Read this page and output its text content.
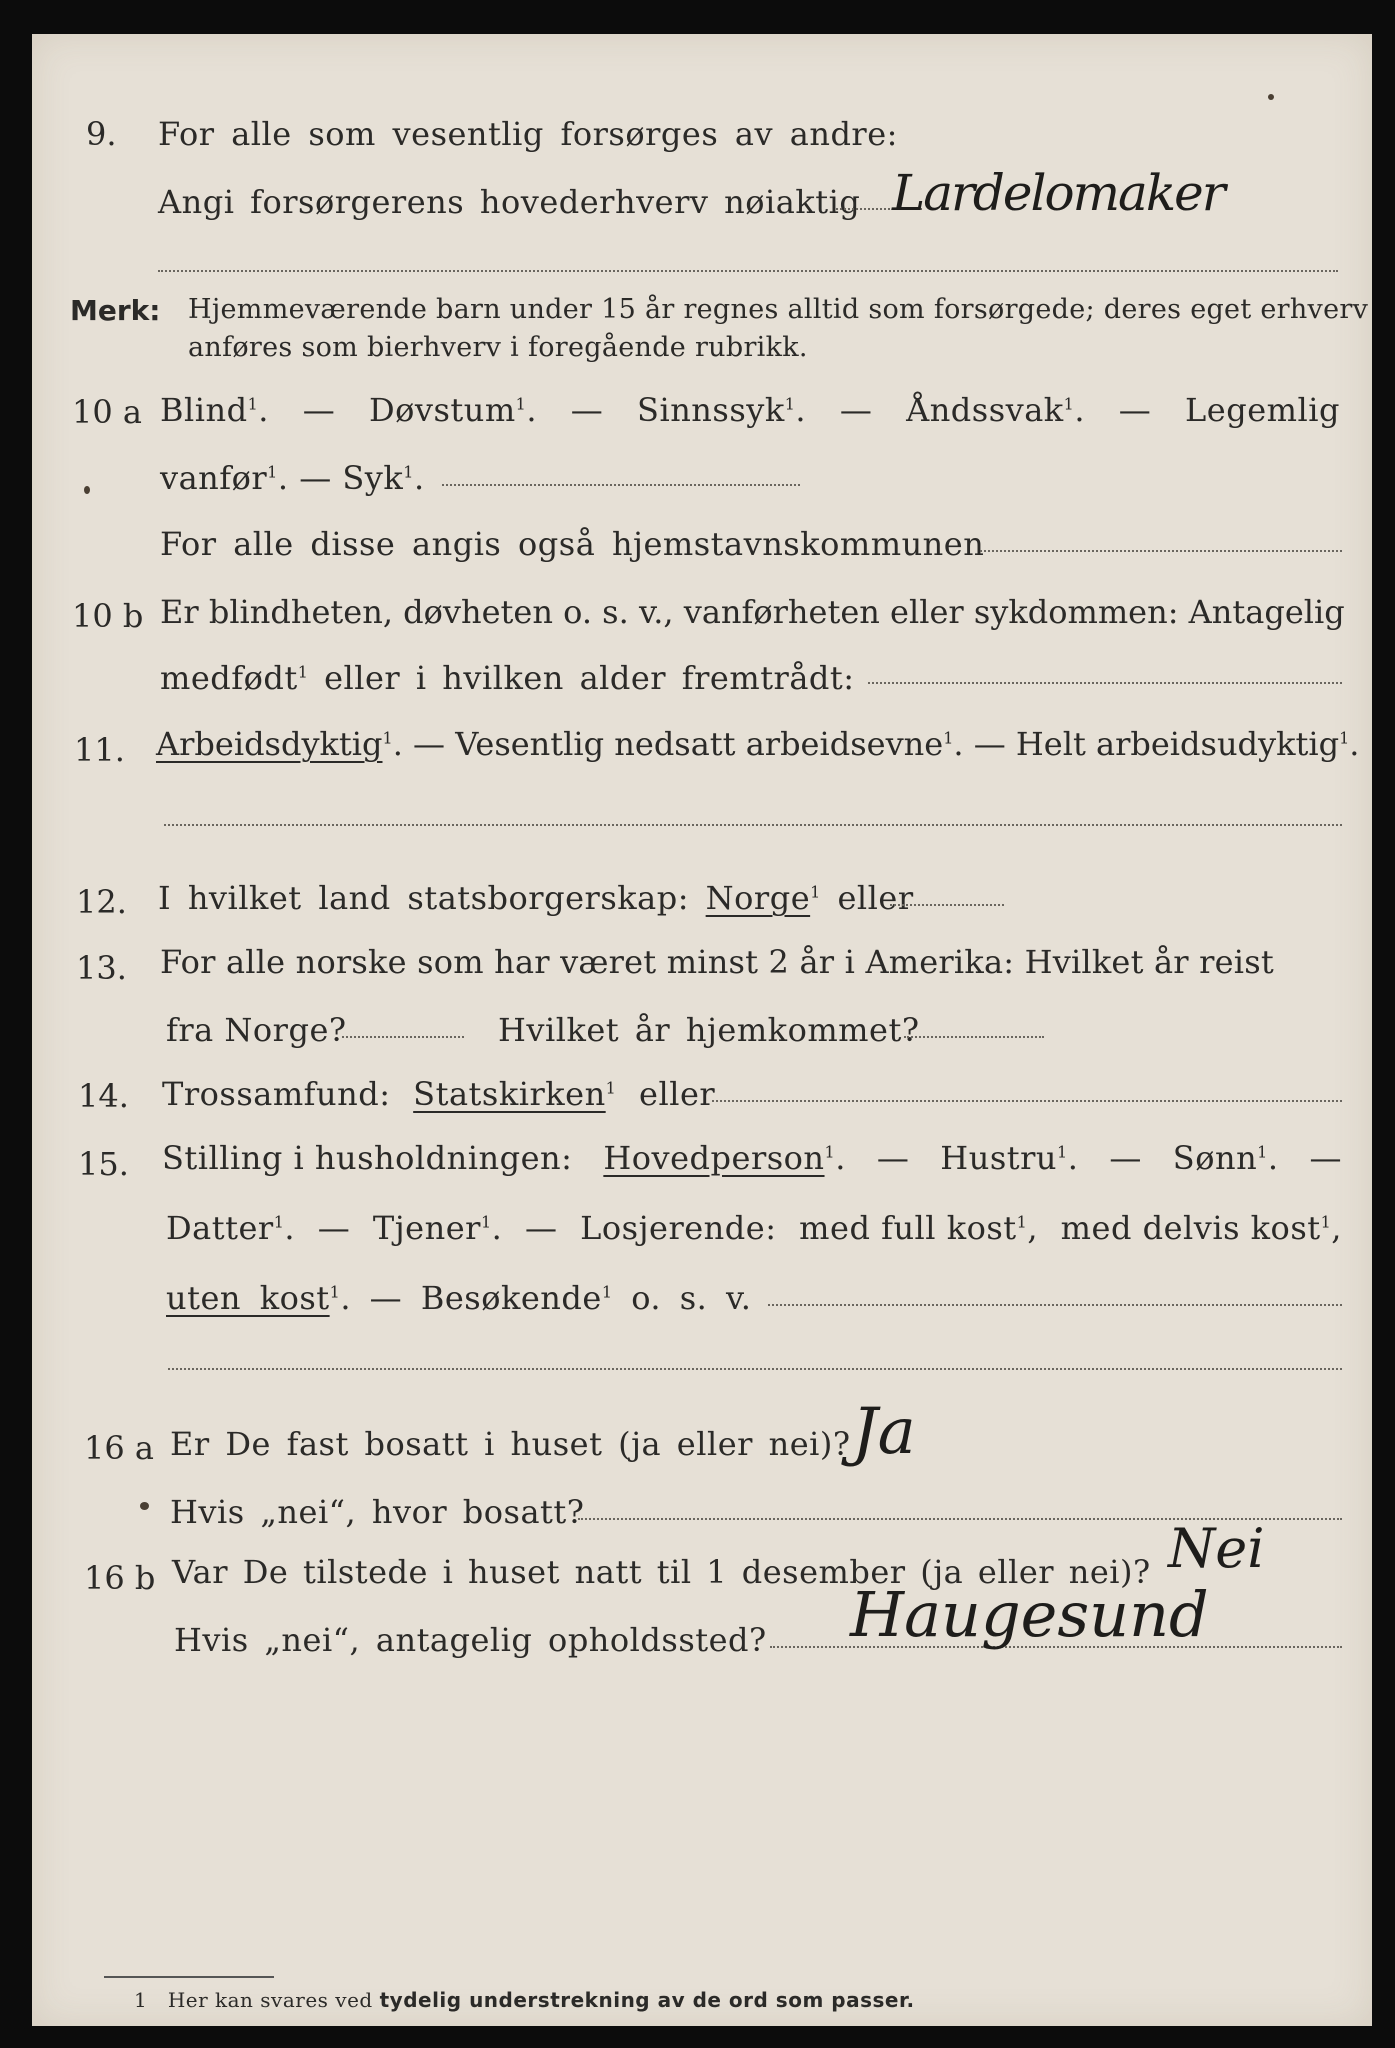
9. For alle som vesentlig forsørges av andre:
Angi forsørgerens hovederhverv nøiaktig Lardelomaker
Merk: Hjemmeværende barn under 15 år regnes alltid som forsørgede; deres eget erhverv
anføres som bierhverv i foregående rubrikk.
10 a Blind$^1$. — Døvstum$^1$. — Sinnssyk$^1$. — Åndssvak$^1$. — Legemlig
vanfør$^1$. — Syk$^1$.
For alle disse angis også hjemstavnskommunen
10 b Er blindheten, døvheten o. s. v., vanførheten eller sykdommen: Antagelig
medfødt$^1$ eller i hvilken alder fremtrådt:
11. Arbeidsdyktig$^1$. — Vesentlig nedsatt arbeidsevne$^1$. — Helt arbeidsudyktig$^1$.
12. I hvilket land statsborgerskap: Norge$^1$ eller
13. For alle norske som har været minst 2 år i Amerika: Hvilket år reist
fra Norge?	Hvilket år hjemkommet?
14. Trossamfund: Statskirken$^1$ eller
15. Stilling i husholdningen: Hovedperson$^1$. — Hustru$^1$. — Sønn$^1$. —
Datter$^1$. — Tjener$^1$. — Losjerende: med full kost$^1$, med delvis kost$^1$,
uten kost$^1$. — Besøkende$^1$ o. s. v.
16 a Er De fast bosatt i huset (ja eller nei)? Ja
Hvis „nei“, hvor bosatt?
16 b Var De tilstede i huset natt til 1 desember (ja eller nei)? Nei
Hvis „nei“, antagelig opholdssted? Haugesund
1 Her kan svares ved tydelig understrekning av de ord som passer.
